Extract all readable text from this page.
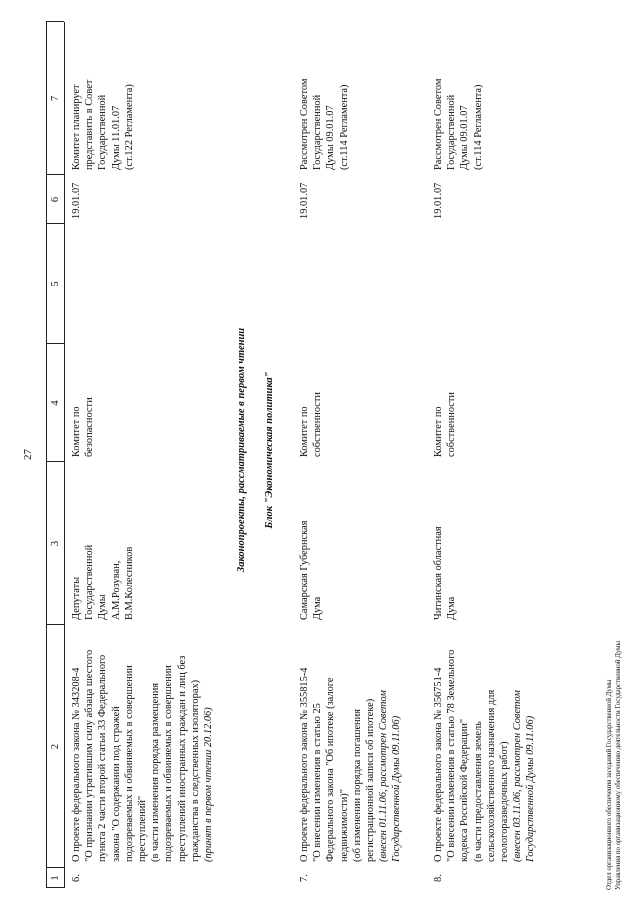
27
1
2
3
4
5
6
7
6.
О проекте федерального закона № 343208-4 "О признании утратившим силу абзаца шестого пункта 2 части второй статьи 33 Федерального закона "О содержании под стражей подозреваемых и обвиняемых в совершении преступлений" (в части изменения порядка размещения подозреваемых и обвиняемых в совершении преступлений иностранных граждан и лиц без гражданства в следственных изоляторах) (принят в первом чтении 20.12.06)
Депутаты Государственной Думы А.М.Розуван, В.М.Колесников
Комитет по безопасности
19.01.07
Комитет планирует представить в Совет Государственной Думы 11.01.07 (ст.122 Регламента)
Законопроекты, рассматриваемые в первом чтении Блок "Экономическая политика"
7.
О проекте федерального закона № 355815-4 "О внесении изменения в статью 25 Федерального закона "Об ипотеке (залоге недвижимости)" (об изменении порядка погашения регистрационной записи об ипотеке) (внесен 01.11.06, рассмотрен Советом Государственной Думы 09.11.06)
Самарская Губернская Дума
Комитет по собственности
19.01.07
Рассмотрен Советом Государственной Думы 09.01.07 (ст.114 Регламента)
8.
О проекте федерального закона № 356751-4 "О внесении изменения в статью 78 Земельного кодекса Российской Федерации" (в части предоставления земель сельскохозяйственного назначения для геологоразведочных работ) (внесен 03.11.06, рассмотрен Советом Государственной Думы 09.11.06)
Читинская областная Дума
Комитет по собственности
19.01.07
Рассмотрен Советом Государственной Думы 09.01.07 (ст.114 Регламента)
Отдел организационного обеспечения заседаний Государственной Думы Управления по организационному обеспечению деятельности Государственной Думы
